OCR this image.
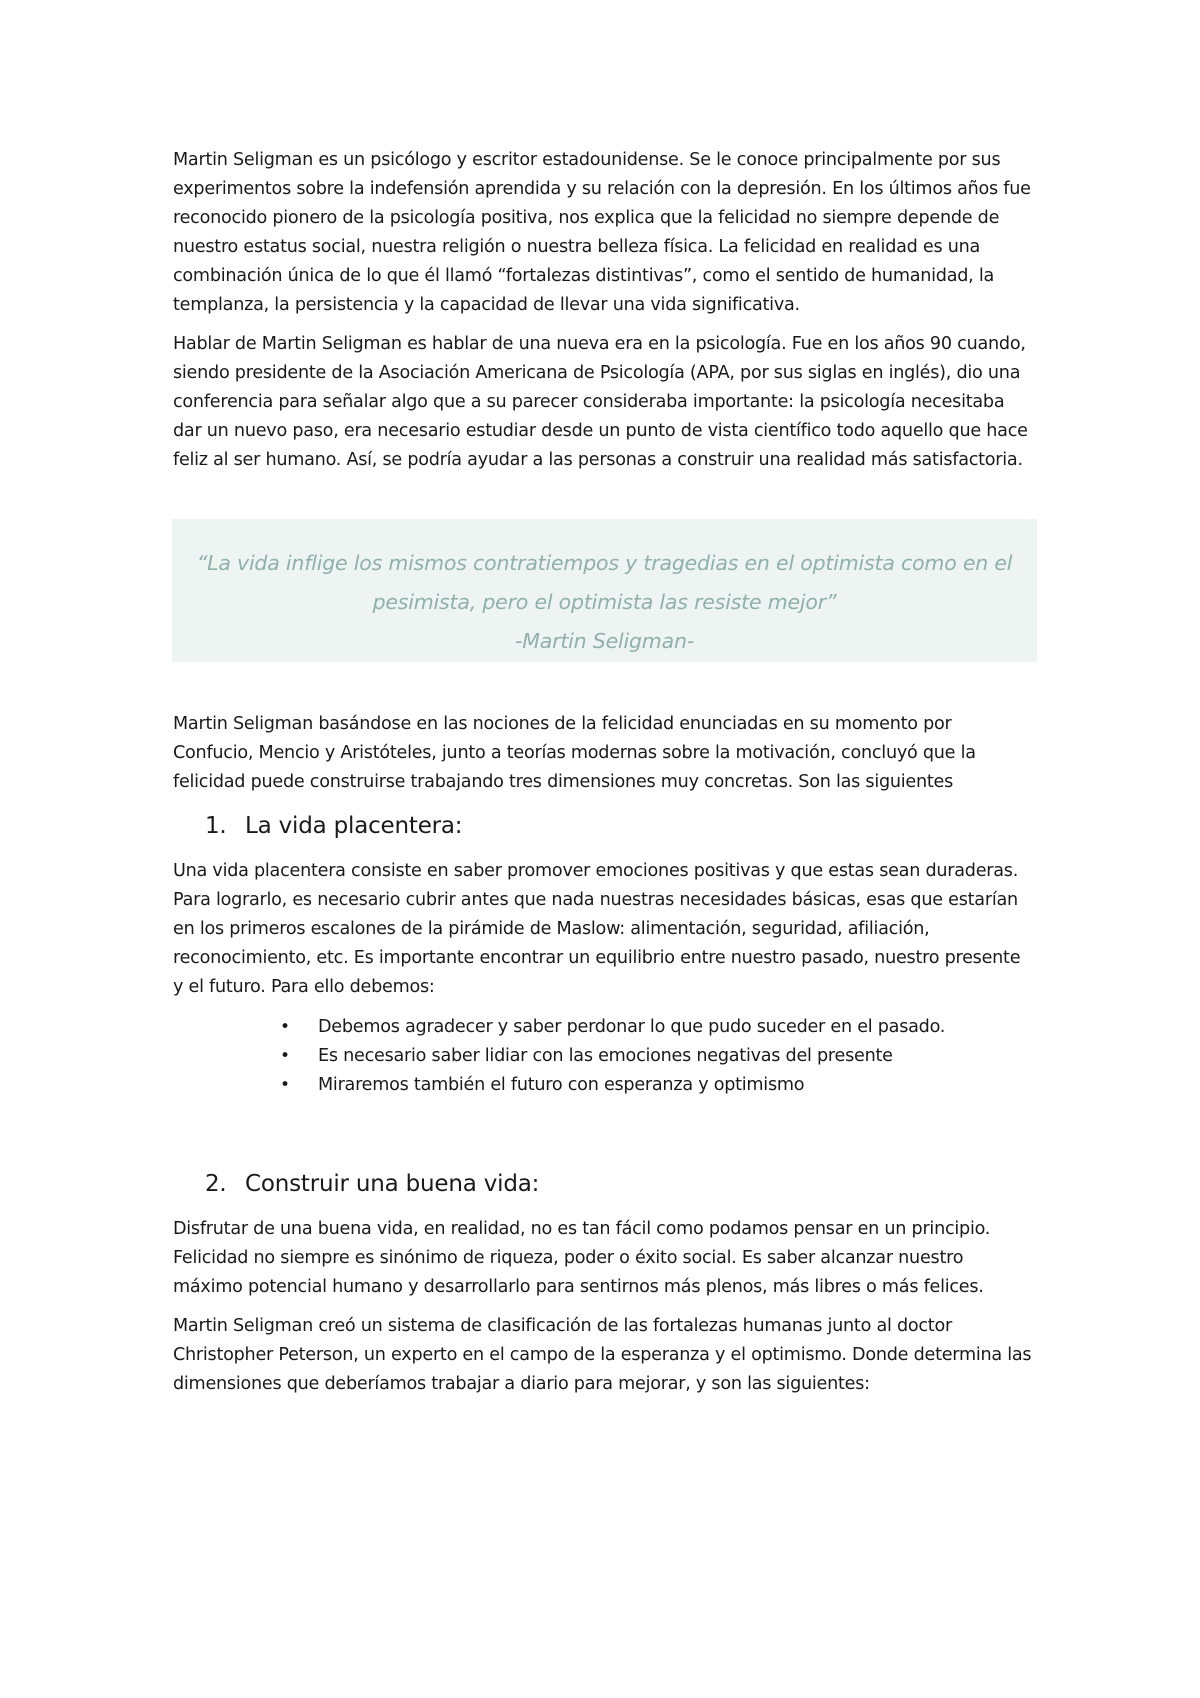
Martin Seligman es un psicólogo y escritor estadounidense. Se le conoce principalmente por sus experimentos sobre la indefensión aprendida y su relación con la depresión. En los últimos años fue reconocido pionero de la psicología positiva, nos explica que la felicidad no siempre depende de nuestro estatus social, nuestra religión o nuestra belleza física. La felicidad en realidad es una combinación única de lo que él llamó “fortalezas distintivas”, como el sentido de humanidad, la templanza, la persistencia y la capacidad de llevar una vida significativa.

Hablar de Martin Seligman es hablar de una nueva era en la psicología. Fue en los años 90 cuando, siendo presidente de la Asociación Americana de Psicología (APA, por sus siglas en inglés), dio una conferencia para señalar algo que a su parecer consideraba importante: la psicología necesitaba dar un nuevo paso, era necesario estudiar desde un punto de vista científico todo aquello que hace feliz al ser humano. Así, se podría ayudar a las personas a construir una realidad más satisfactoria.

“La vida inflige los mismos contratiempos y tragedias en el optimista como en el
pesimista, pero el optimista las resiste mejor”
-Martin Seligman-

Martin Seligman basándose en las nociones de la felicidad enunciadas en su momento por Confucio, Mencio y Aristóteles, junto a teorías modernas sobre la motivación, concluyó que la felicidad puede construirse trabajando tres dimensiones muy concretas. Son las siguientes

1. La vida placentera:

Una vida placentera consiste en saber promover emociones positivas y que estas sean duraderas. Para lograrlo, es necesario cubrir antes que nada nuestras necesidades básicas, esas que estarían en los primeros escalones de la pirámide de Maslow: alimentación, seguridad, afiliación, reconocimiento, etc. Es importante encontrar un equilibrio entre nuestro pasado, nuestro presente y el futuro. Para ello debemos:

• Debemos agradecer y saber perdonar lo que pudo suceder en el pasado.
• Es necesario saber lidiar con las emociones negativas del presente
• Miraremos también el futuro con esperanza y optimismo
2. Construir una buena vida:

Disfrutar de una buena vida, en realidad, no es tan fácil como podamos pensar en un principio. Felicidad no siempre es sinónimo de riqueza, poder o éxito social. Es saber alcanzar nuestro máximo potencial humano y desarrollarlo para sentirnos más plenos, más libres o más felices.

Martin Seligman creó un sistema de clasificación de las fortalezas humanas junto al doctor Christopher Peterson, un experto en el campo de la esperanza y el optimismo. Donde determina las dimensiones que deberíamos trabajar a diario para mejorar, y son las siguientes:
